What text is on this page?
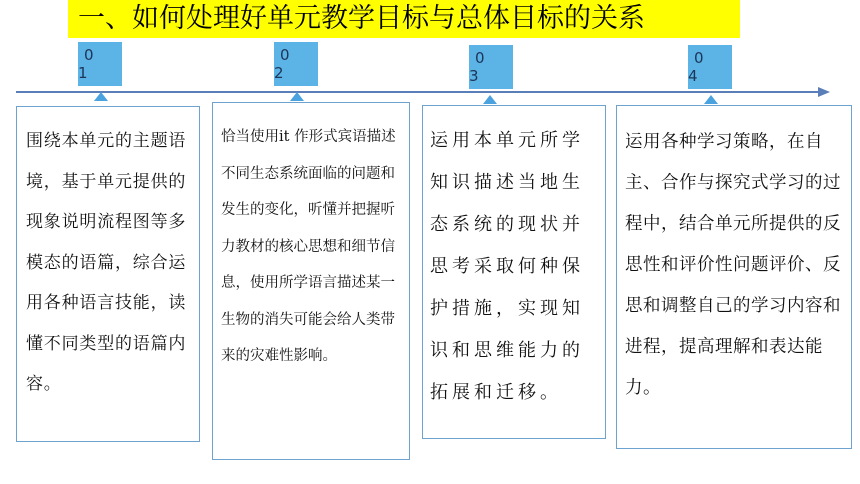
一、如何处理好单元教学目标与总体目标的关系
0 1
0 2
0 3
0 4

围绕本单元的主题语境，基于单元提供的现象说明流程图等多模态的语篇，综合运用各种语言技能，读懂不同类型的语篇内容。

恰当使用it 作形式宾语描述不同生态系统面临的问题和发生的变化，听懂并把握听力教材的核心思想和细节信息，使用所学语言描述某一生物的消失可能会给人类带来的灾难性影响。

运用本单元所学知识描述当地生态系统的现状并思考采取何种保护措施，实现知识和思维能力的拓展和迁移。

运用各种学习策略，在自主、合作与探究式学习的过程中，结合单元所提供的反思性和评价性问题评价、反思和调整自己的学习内容和进程，提高理解和表达能力。
